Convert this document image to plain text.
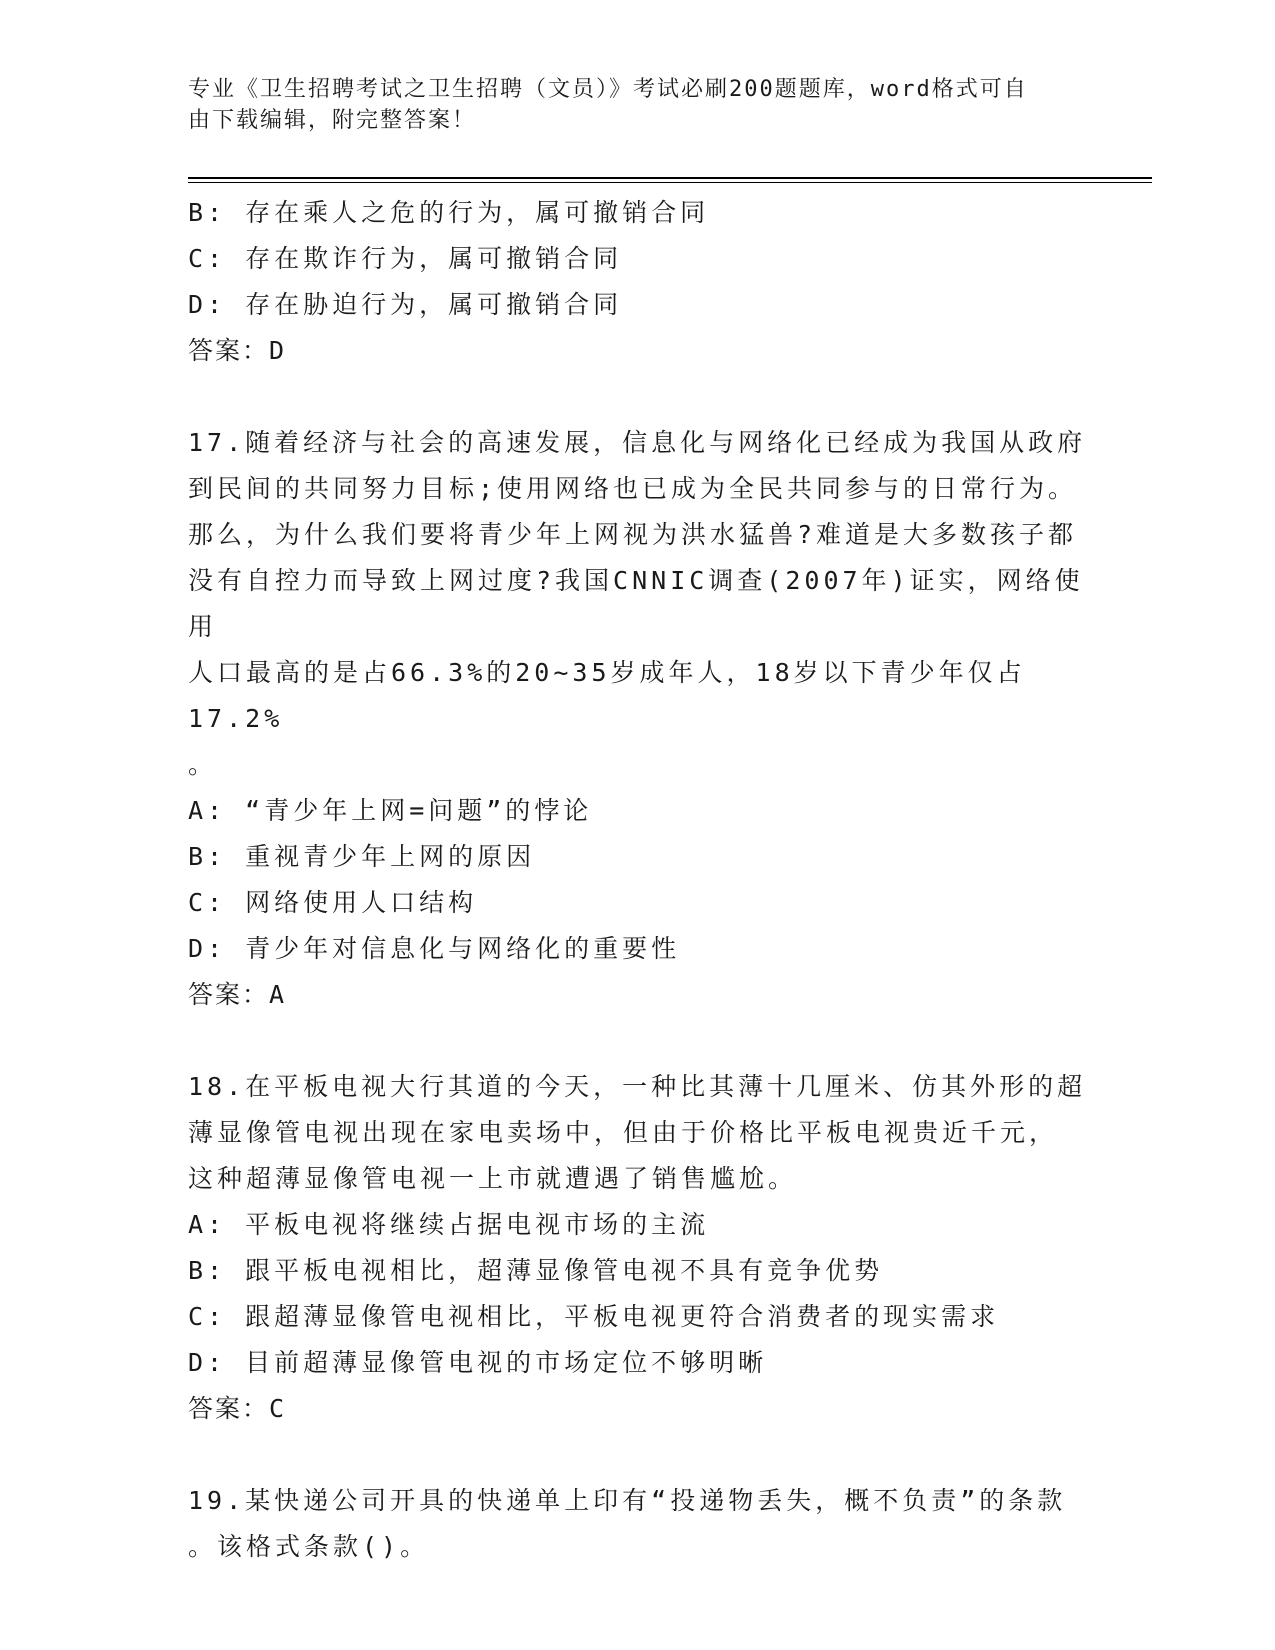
专业《卫生招聘考试之卫生招聘（文员）》考试必刷200题题库，word格式可自
由下载编辑，附完整答案！
B: 存在乘人之危的行为，属可撤销合同
C: 存在欺诈行为，属可撤销合同
D: 存在胁迫行为，属可撤销合同
答案：D
17.随着经济与社会的高速发展，信息化与网络化已经成为我国从政府
到民间的共同努力目标;使用网络也已成为全民共同参与的日常行为。
那么，为什么我们要将青少年上网视为洪水猛兽?难道是大多数孩子都
没有自控力而导致上网过度?我国CNNIC调查(2007年)证实，网络使用
人口最高的是占66.3%的20~35岁成年人，18岁以下青少年仅占17.2%
。
A: “青少年上网=问题”的悖论
B: 重视青少年上网的原因
C: 网络使用人口结构
D: 青少年对信息化与网络化的重要性
答案：A
18.在平板电视大行其道的今天，一种比其薄十几厘米、仿其外形的超
薄显像管电视出现在家电卖场中，但由于价格比平板电视贵近千元，
这种超薄显像管电视一上市就遭遇了销售尴尬。
A: 平板电视将继续占据电视市场的主流
B: 跟平板电视相比，超薄显像管电视不具有竞争优势
C: 跟超薄显像管电视相比，平板电视更符合消费者的现实需求
D: 目前超薄显像管电视的市场定位不够明晰
答案：C
19.某快递公司开具的快递单上印有“投递物丢失，概不负责”的条款
。该格式条款()。
